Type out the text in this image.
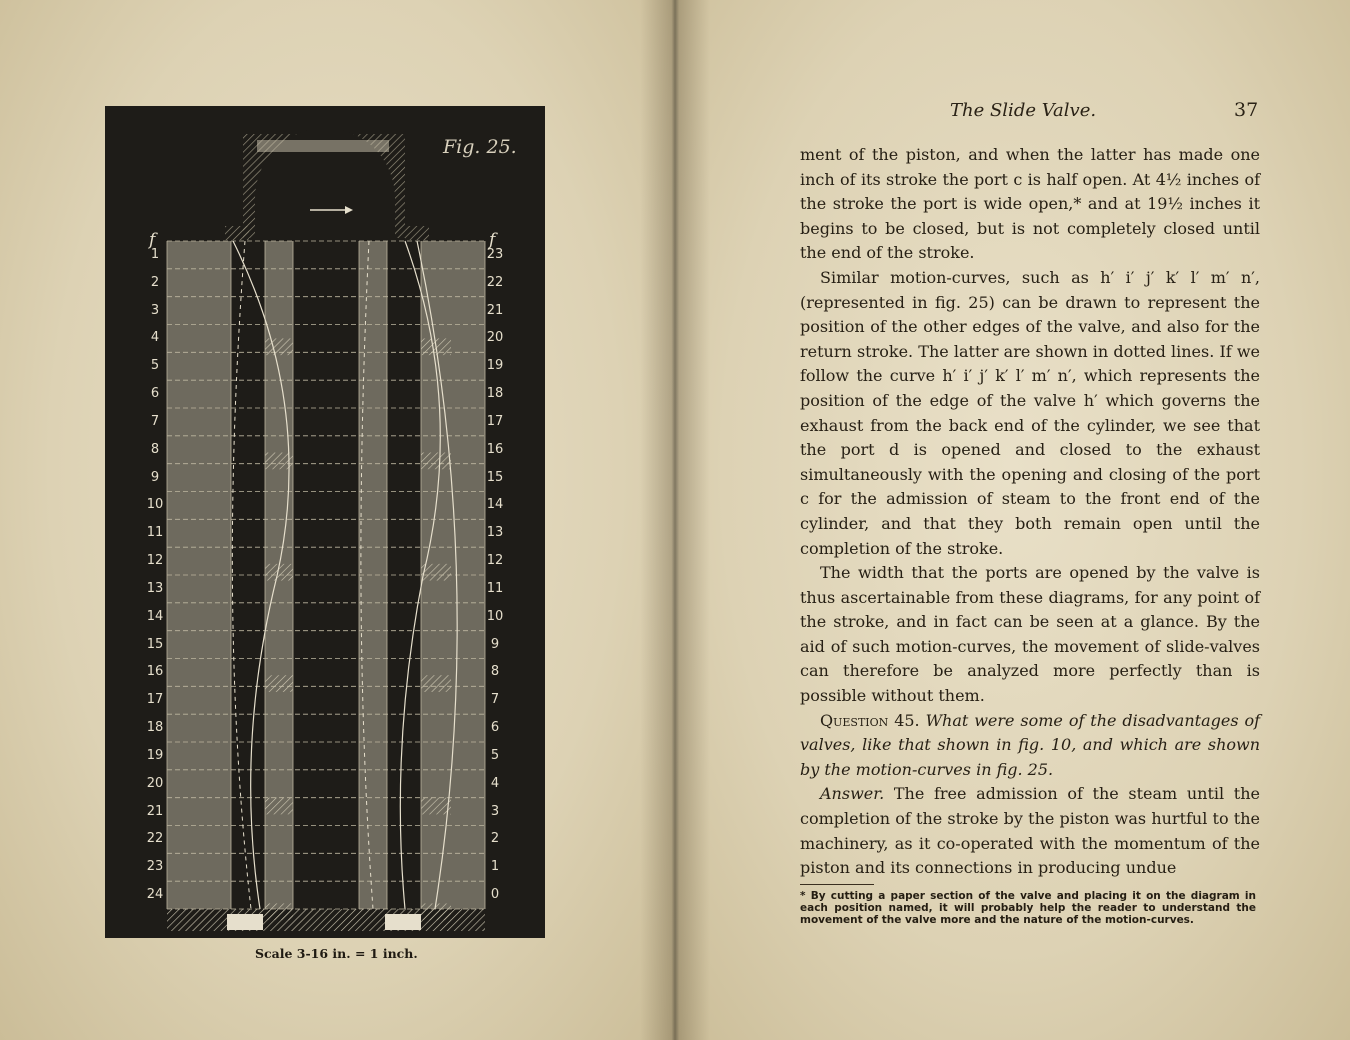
Fig. 25.
f	f
1
2
3
4
5
6
7
8
9
10
11
12
13
14
15
16
17
18
19
20
21
22
23
24
23
22
21
20
19
18
17
16
15
14
13
12
11
10
9
8
7
6
5
4
3
2
1
0
Scale 3-16 in. = 1 inch.
The Slide Valve.	37

ment of the piston, and when the latter has made one inch of its stroke the port c is half open. At 4½ inches of the stroke the port is wide open,* and at 19½ inches it begins to be closed, but is not completely closed until the end of the stroke.

Similar motion-curves, such as h′ i′ j′ k′ l′ m′ n′, (represented in fig. 25) can be drawn to represent the position of the other edges of the valve, and also for the return stroke. The latter are shown in dotted lines. If we follow the curve h′ i′ j′ k′ l′ m′ n′, which represents the position of the edge of the valve h′ which governs the exhaust from the back end of the cylinder, we see that the port d is opened and closed to the exhaust simultaneously with the opening and closing of the port c for the admission of steam to the front end of the cylinder, and that they both remain open until the completion of the stroke.

The width that the ports are opened by the valve is thus ascertainable from these diagrams, for any point of the stroke, and in fact can be seen at a glance. By the aid of such motion-curves, the movement of slide-valves can therefore be analyzed more perfectly than is possible without them.

Question 45. What were some of the disadvantages of valves, like that shown in fig. 10, and which are shown by the motion-curves in fig. 25.

Answer. The free admission of the steam until the completion of the stroke by the piston was hurtful to the machinery, as it co-operated with the momentum of the piston and its connections in producing undue

* By cutting a paper section of the valve and placing it on the diagram in each position named, it will probably help the reader to understand the movement of the valve more and the nature of the motion-curves.
